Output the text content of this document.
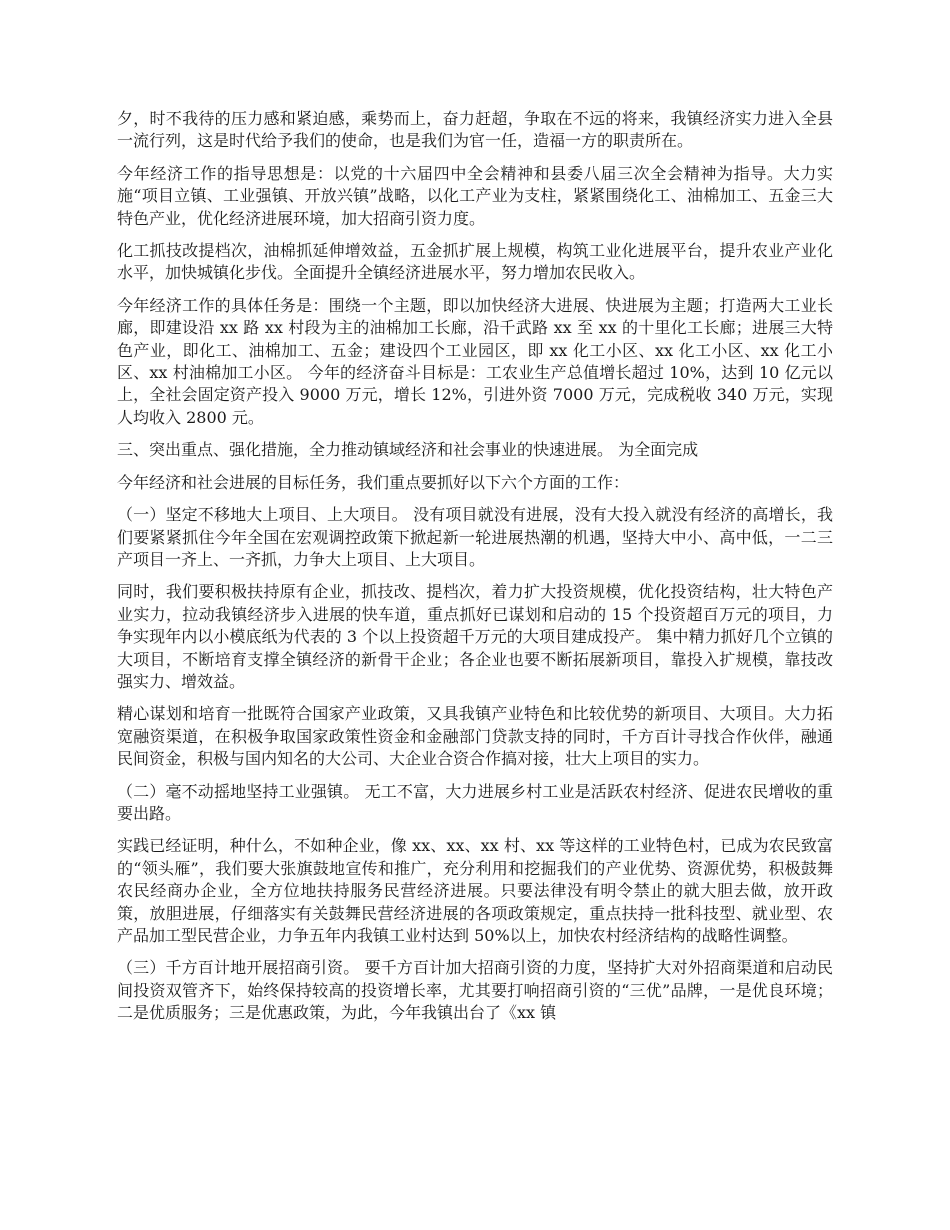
夕，时不我待的压力感和紧迫感，乘势而上，奋力赶超，争取在不远的将来，我镇经济实力进入全县一流行列，这是时代给予我们的使命，也是我们为官一任，造福一方的职责所在。

今年经济工作的指导思想是：以党的十六届四中全会精神和县委八届三次全会精神为指导。大力实施“项目立镇、工业强镇、开放兴镇”战略，以化工产业为支柱，紧紧围绕化工、油棉加工、五金三大特色产业，优化经济进展环境，加大招商引资力度。

化工抓技改提档次，油棉抓延伸增效益，五金抓扩展上规模，构筑工业化进展平台，提升农业产业化水平，加快城镇化步伐。全面提升全镇经济进展水平，努力增加农民收入。

今年经济工作的具体任务是：围绕一个主题，即以加快经济大进展、快进展为主题；打造两大工业长廊，即建设沿 xx 路 xx 村段为主的油棉加工长廊，沿千武路 xx 至 xx 的十里化工长廊；进展三大特色产业，即化工、油棉加工、五金；建设四个工业园区，即 xx 化工小区、xx 化工小区、xx 化工小区、xx 村油棉加工小区。 今年的经济奋斗目标是：工农业生产总值增长超过 10%，达到 10 亿元以上，全社会固定资产投入 9000 万元，增长 12%，引进外资 7000 万元，完成税收 340 万元，实现人均收入 2800 元。

三、突出重点、强化措施，全力推动镇域经济和社会事业的快速进展。 为全面完成

今年经济和社会进展的目标任务，我们重点要抓好以下六个方面的工作：

（一）坚定不移地大上项目、上大项目。 没有项目就没有进展，没有大投入就没有经济的高增长，我们要紧紧抓住今年全国在宏观调控政策下掀起新一轮进展热潮的机遇，坚持大中小、高中低，一二三产项目一齐上、一齐抓，力争大上项目、上大项目。

同时，我们要积极扶持原有企业，抓技改、提档次，着力扩大投资规模，优化投资结构，壮大特色产业实力，拉动我镇经济步入进展的快车道，重点抓好已谋划和启动的 15 个投资超百万元的项目，力争实现年内以小模底纸为代表的 3 个以上投资超千万元的大项目建成投产。 集中精力抓好几个立镇的大项目，不断培育支撑全镇经济的新骨干企业；各企业也要不断拓展新项目，靠投入扩规模，靠技改强实力、增效益。

精心谋划和培育一批既符合国家产业政策，又具我镇产业特色和比较优势的新项目、大项目。大力拓宽融资渠道，在积极争取国家政策性资金和金融部门贷款支持的同时，千方百计寻找合作伙伴，融通民间资金，积极与国内知名的大公司、大企业合资合作搞对接，壮大上项目的实力。

（二）毫不动摇地坚持工业强镇。 无工不富，大力进展乡村工业是活跃农村经济、促进农民增收的重要出路。

实践已经证明，种什么，不如种企业，像 xx、xx、xx 村、xx 等这样的工业特色村，已成为农民致富的“领头雁”，我们要大张旗鼓地宣传和推广，充分利用和挖掘我们的产业优势、资源优势，积极鼓舞农民经商办企业，全方位地扶持服务民营经济进展。只要法律没有明令禁止的就大胆去做，放开政策，放胆进展，仔细落实有关鼓舞民营经济进展的各项政策规定，重点扶持一批科技型、就业型、农产品加工型民营企业，力争五年内我镇工业村达到 50%以上，加快农村经济结构的战略性调整。

（三）千方百计地开展招商引资。 要千方百计加大招商引资的力度，坚持扩大对外招商渠道和启动民间投资双管齐下，始终保持较高的投资增长率，尤其要打响招商引资的“三优”品牌，一是优良环境；二是优质服务；三是优惠政策，为此，今年我镇出台了《xx 镇
